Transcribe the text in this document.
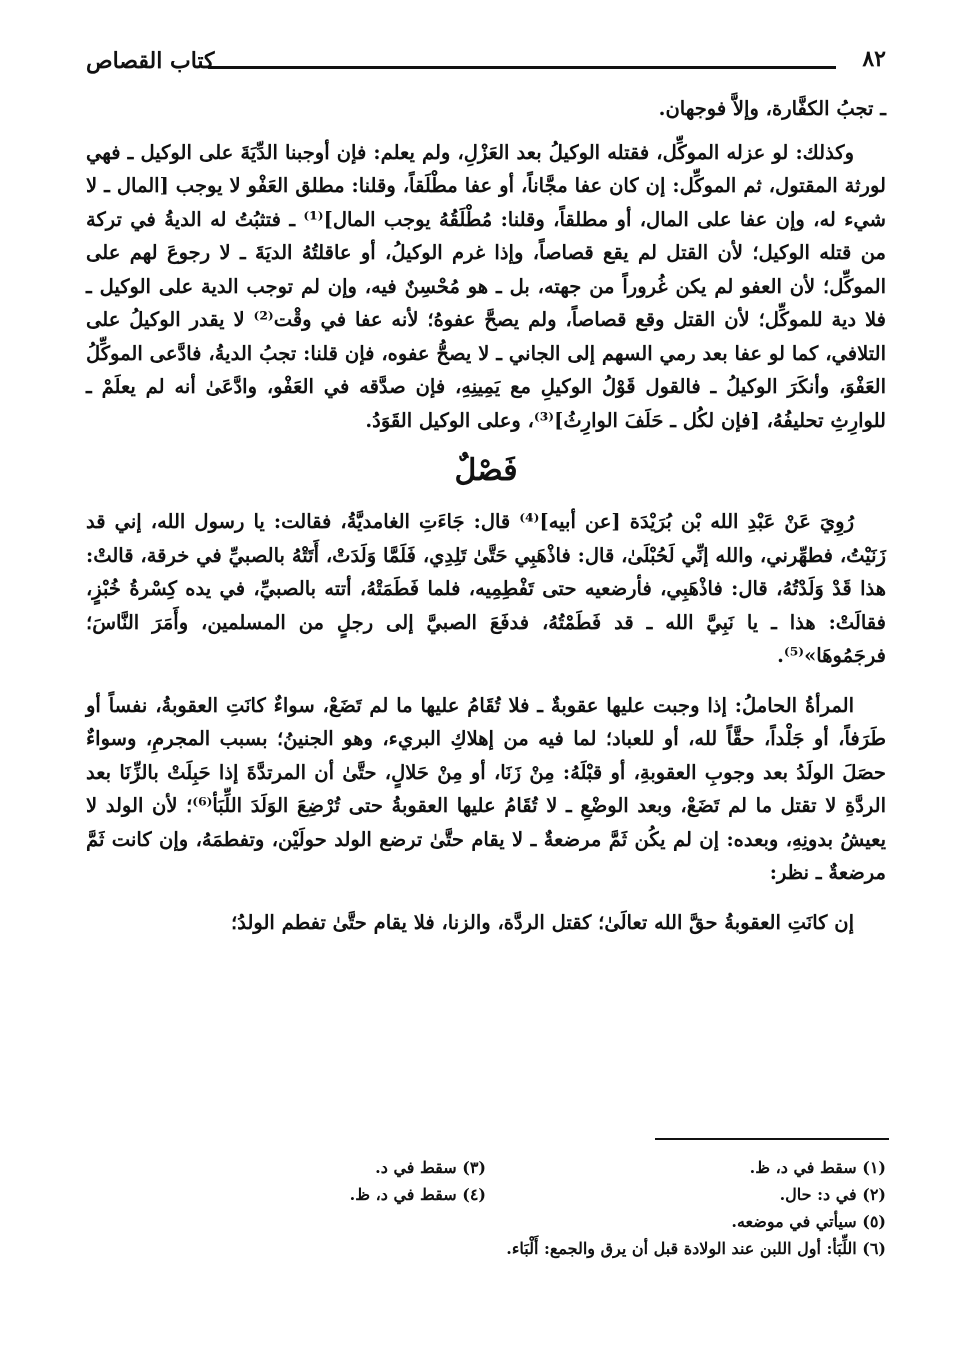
٨٢
كتاب القصاص

ـ تجبُ الكفَّارة، وإلاَّ فوجهان.

وكذلك: لو عزله الموكِّل، فقتله الوكيلُ بعد العَزْلِ، ولم يعلم: فإن أوجبنا الدِّيَةَ على الوكيل ـ فهي لورثة المقتول، ثم الموكِّل: إن كان عفا مجَّاناً، أو عفا مطْلَقاً، وقلنا: مطلق العَفْو لا يوجب [المال ـ لا شيء له، وإن عفا على المال، أو مطلقاً، وقلنا: مُطْلَقُهُ يوجب المال]⁽¹⁾ ـ فتثبُتُ له الديةُ في تركة من قتله الوكيل؛ لأن القتل لم يقع قصاصاً، وإذا غرم الوكيلُ، أو عاقلتُهُ الديَةَ ـ لا رجوعَ لهم على الموكِّل؛ لأن العفو لم يكن غُروراً من جهته، بل ـ هو مُحْسِنٌ فيه، وإن لم توجب الدية على الوكيل ـ فلا دية للموكِّل؛ لأن القتل وقع قصاصاً، ولم يصحَّ عفوهُ؛ لأنه عفا في وقْت⁽²⁾ لا يقدر الوكيلُ على التلافي، كما لو عفا بعد رمي السهم إلى الجاني ـ لا يصحُّ عفوه، فإن قلنا: تجبُ الديةُ، فادَّعى الموكِّلُ العَفْوَ، وأنكَرَ الوكيلُ ـ فالقول قَوْلُ الوكيلِ مع يَمِينِهِ، فإن صدَّقه في العَفْو، وادَّعَىٰ أنه لم يعلَمْ ـ للوارِثِ تحليفُهُ، [فإن لكُل ـ حَلَفَ الوارِثُ]⁽³⁾، وعلى الوكيل القَوَدُ.

فَصْلٌ

رُوِيَ عَنْ عَبْدِ الله بْن بُرَيْدَة [عن أبيه]⁽⁴⁾ قال: جَاءَتِ الغامديَّةُ، فقالت: يا رسول الله، إني قد زَنَيْتُ، فطهِّرني، والله إنِّي لَحُبْلَىٰ، قال: فاذْهَبِي حَتَّىٰ تَلِدِي، فَلَمَّا وَلَدَتْ، أَتَتْهُ بالصبيِّ في خرقة، قالتْ: هذا قَدْ وَلَدْتُهُ، قال: فاذْهَبِي، فأرضعيه حتى تَفْطِمِيه، فلما فَطَمَتْهُ، أتته بالصبيِّ، في يده كِسْرةُ خُبْزٍ، فقالَتْ: هذا ـ يا نَبِيَّ الله ـ قد فَطَمْتُهُ، فدفَعَ الصبيَّ إلى رجلٍ من المسلمين، وأَمَرَ النَّاسَ؛ فرجَمُوهَا»⁽⁵⁾.

المرأةُ الحاملُ: إذا وجبت عليها عقوبةٌ ـ فلا تُقَامُ عليها ما لم تَضَعْ، سواءٌ كانَتِ العقوبةُ، نفساً أو طَرَفاً، أو جَلْداً، حقَّاً لله، أو للعباد؛ لما فيه من إهلاكِ البريء، وهو الجنينُ؛ بسبب المجرمِ، وسواءٌ حصَلَ الولَدُ بعد وجوبِ العقوبةِ، أو قبْلَهُ: مِنْ زَنَا، أو مِنْ حَلالٍ، حتَّىٰ أن المرتدَّةَ إذا حَبِلَتْ بالزِّنَا بعد الردَّةِ لا تقتل ما لم تَضَعْ، وبعد الوضْعِ ـ لا تُقَامُ عليها العقوبةُ حتى تُرْضِعَ الوَلَدَ اللِّبَأ⁽⁶⁾؛ لأن الولد لا يعيشُ بدونِهِ، وبعده: إن لم يكُن ثَمَّ مرضعةٌ ـ لا يقام حتَّىٰ ترضع الولد حولَيْن، وتفطمَهُ، وإن كانت ثَمَّ مرضعةٌ ـ نظر:

إن كانَتِ العقوبةُ حقَّ الله تعالَىٰ؛ كقتل الردَّة، والزنا، فلا يقام حتَّىٰ تفطم الولدُ؛

(١) سقط في د، ظ.
(٣) سقط في د.
(٢) في د: حال.
(٤) سقط في د، ظ.
(٥) سيأتي في موضعه.
(٦) اللِّبَأ: أول اللبن عند الولادة قبل أن يرق والجمع: أَلْبَاء.
